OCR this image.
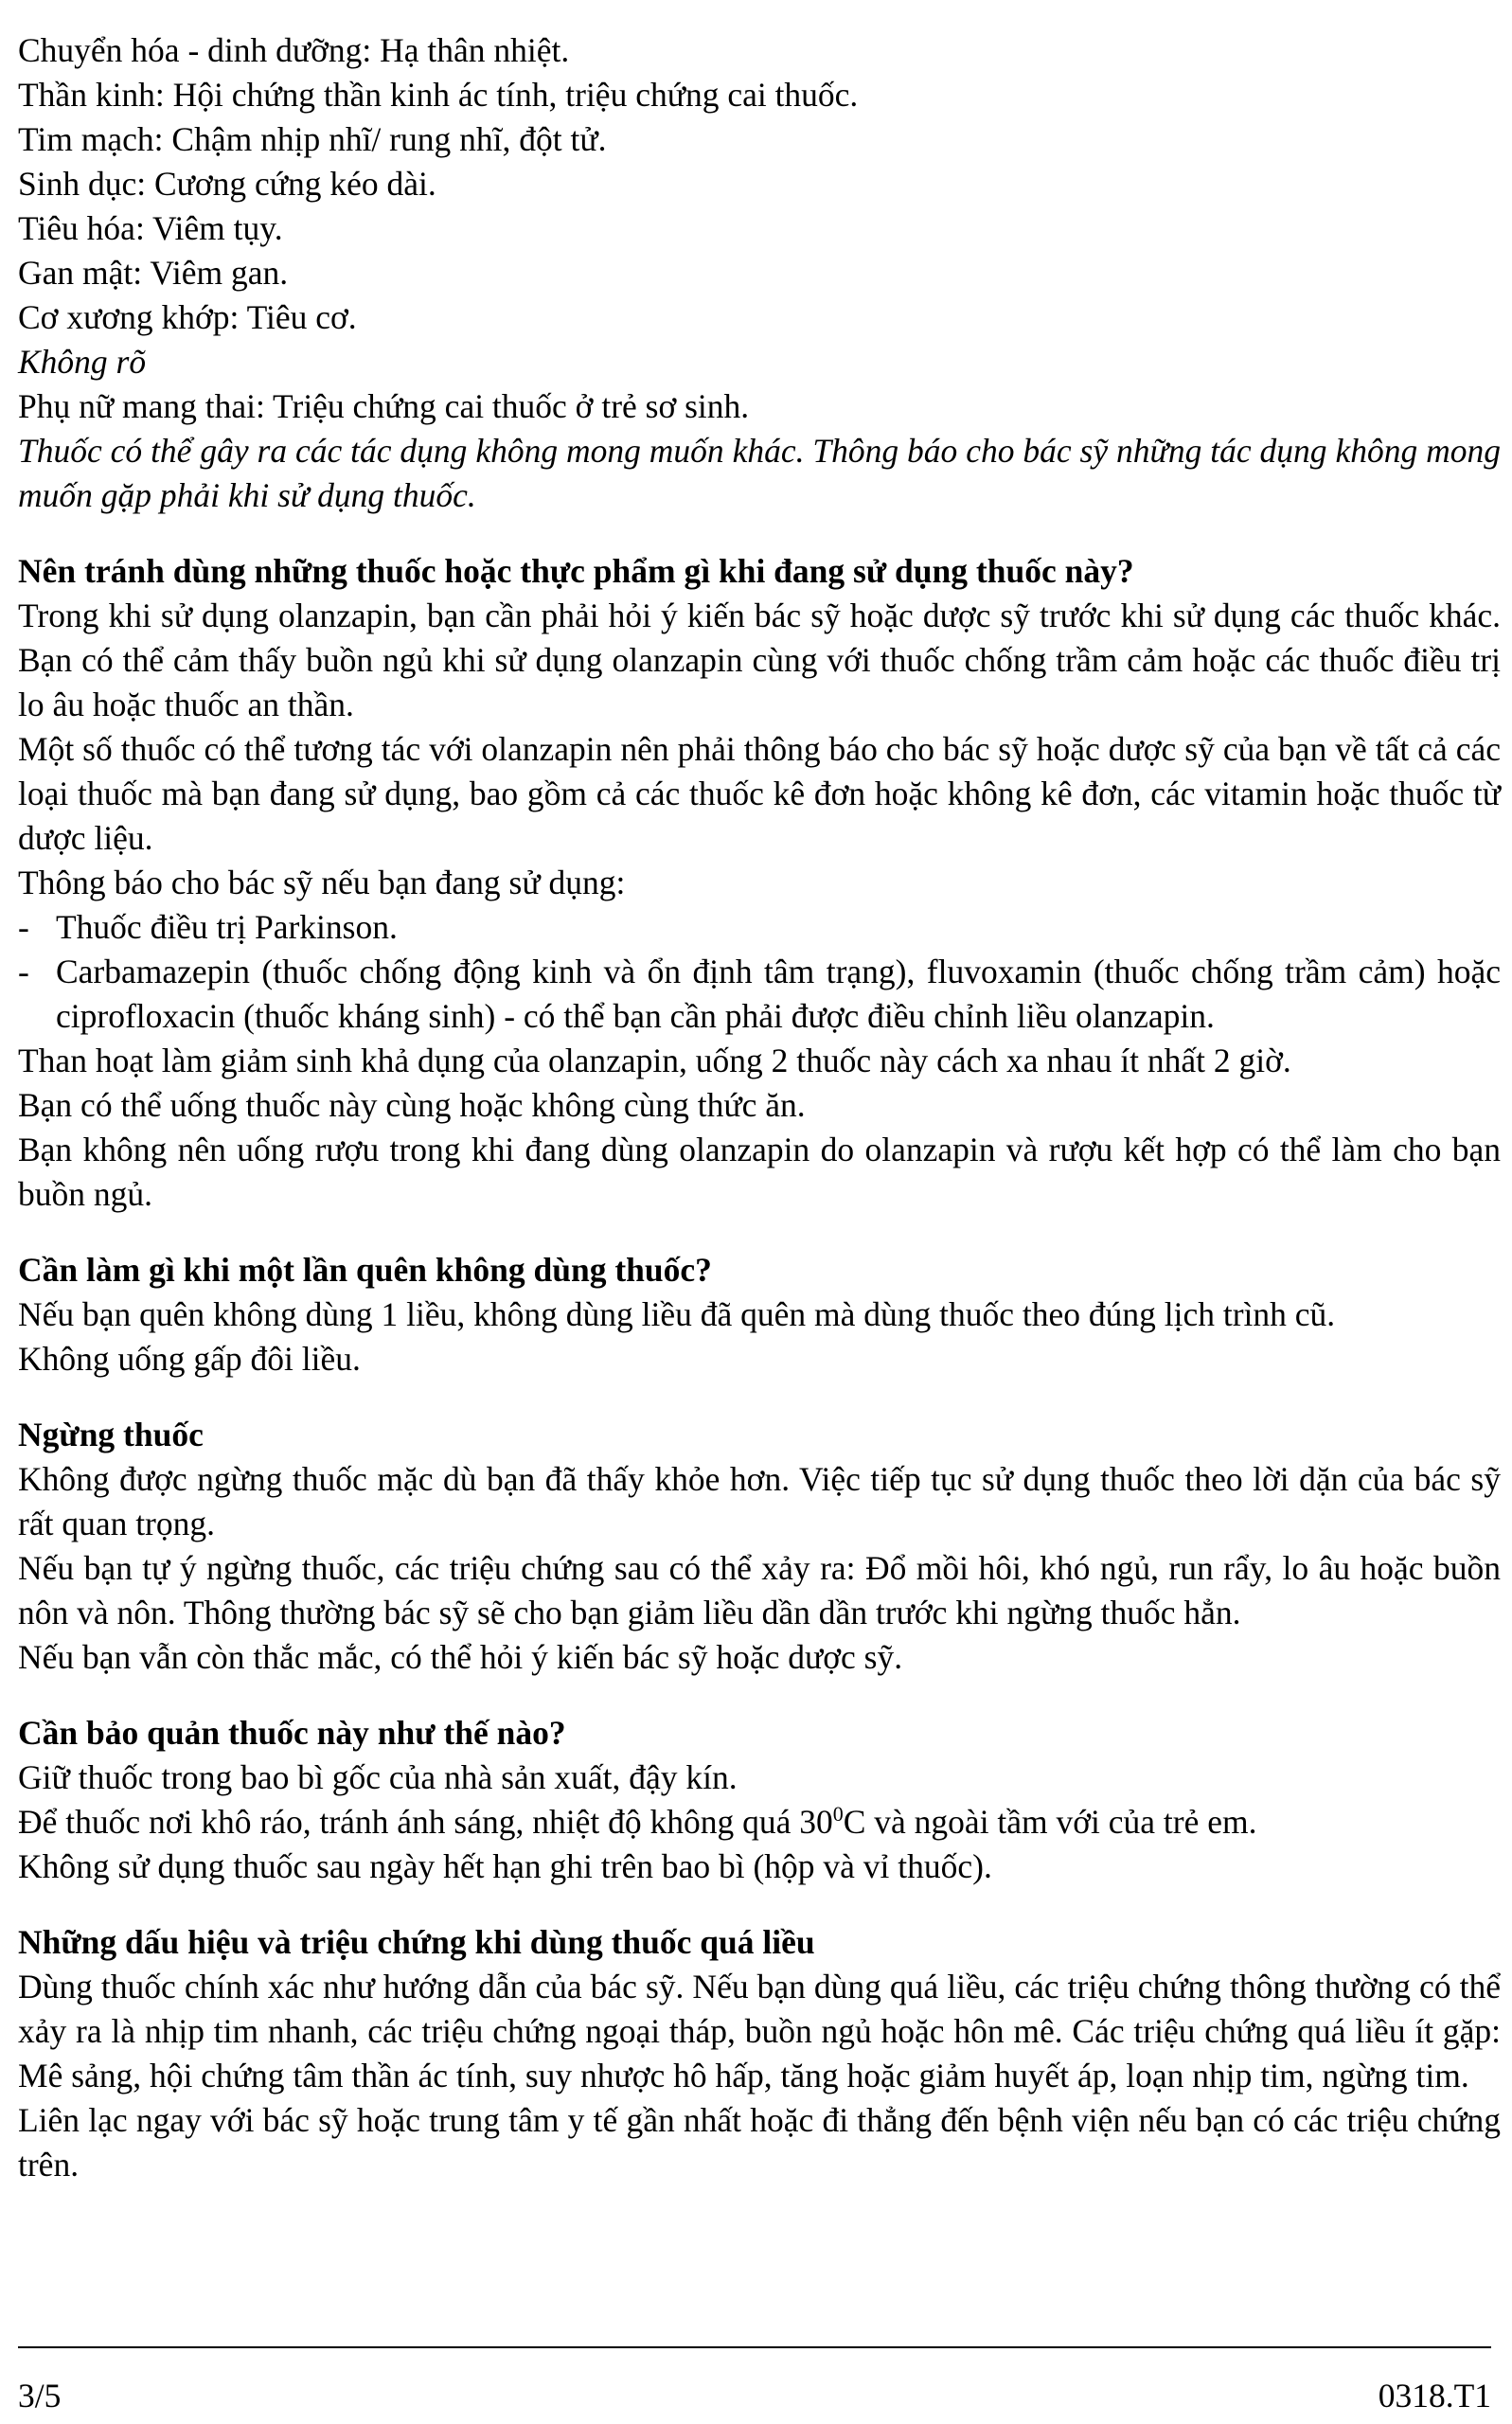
Chuyển hóa - dinh dưỡng: Hạ thân nhiệt.

Thần kinh: Hội chứng thần kinh ác tính, triệu chứng cai thuốc.

Tim mạch: Chậm nhịp nhĩ/ rung nhĩ, đột tử.

Sinh dục: Cương cứng kéo dài.

Tiêu hóa: Viêm tụy.

Gan mật: Viêm gan.

Cơ xương khớp: Tiêu cơ.

Không rõ

Phụ nữ mang thai: Triệu chứng cai thuốc ở trẻ sơ sinh.

Thuốc có thể gây ra các tác dụng không mong muốn khác. Thông báo cho bác sỹ những tác dụng không mong muốn gặp phải khi sử dụng thuốc.

Nên tránh dùng những thuốc hoặc thực phẩm gì khi đang sử dụng thuốc này?

Trong khi sử dụng olanzapin, bạn cần phải hỏi ý kiến bác sỹ hoặc dược sỹ trước khi sử dụng các thuốc khác. Bạn có thể cảm thấy buồn ngủ khi sử dụng olanzapin cùng với thuốc chống trầm cảm hoặc các thuốc điều trị lo âu hoặc thuốc an thần.

Một số thuốc có thể tương tác với olanzapin nên phải thông báo cho bác sỹ hoặc dược sỹ của bạn về tất cả các loại thuốc mà bạn đang sử dụng, bao gồm cả các thuốc kê đơn hoặc không kê đơn, các vitamin hoặc thuốc từ dược liệu.

Thông báo cho bác sỹ nếu bạn đang sử dụng:

- Thuốc điều trị Parkinson.
- Carbamazepin (thuốc chống động kinh và ổn định tâm trạng), fluvoxamin (thuốc chống trầm cảm) hoặc ciprofloxacin (thuốc kháng sinh) - có thể bạn cần phải được điều chỉnh liều olanzapin.

Than hoạt làm giảm sinh khả dụng của olanzapin, uống 2 thuốc này cách xa nhau ít nhất 2 giờ.

Bạn có thể uống thuốc này cùng hoặc không cùng thức ăn.

Bạn không nên uống rượu trong khi đang dùng olanzapin do olanzapin và rượu kết hợp có thể làm cho bạn buồn ngủ.

Cần làm gì khi một lần quên không dùng thuốc?

Nếu bạn quên không dùng 1 liều, không dùng liều đã quên mà dùng thuốc theo đúng lịch trình cũ.

Không uống gấp đôi liều.

Ngừng thuốc

Không được ngừng thuốc mặc dù bạn đã thấy khỏe hơn. Việc tiếp tục sử dụng thuốc theo lời dặn của bác sỹ rất quan trọng.

Nếu bạn tự ý ngừng thuốc, các triệu chứng sau có thể xảy ra: Đổ mồi hôi, khó ngủ, run rẩy, lo âu hoặc buồn nôn và nôn. Thông thường bác sỹ sẽ cho bạn giảm liều dần dần trước khi ngừng thuốc hẳn.

Nếu bạn vẫn còn thắc mắc, có thể hỏi ý kiến bác sỹ hoặc dược sỹ.

Cần bảo quản thuốc này như thế nào?

Giữ thuốc trong bao bì gốc của nhà sản xuất, đậy kín.

Để thuốc nơi khô ráo, tránh ánh sáng, nhiệt độ không quá $30^0C$ và ngoài tầm với của trẻ em.

Không sử dụng thuốc sau ngày hết hạn ghi trên bao bì (hộp và vỉ thuốc).

Những dấu hiệu và triệu chứng khi dùng thuốc quá liều

Dùng thuốc chính xác như hướng dẫn của bác sỹ. Nếu bạn dùng quá liều, các triệu chứng thông thường có thể xảy ra là nhịp tim nhanh, các triệu chứng ngoại tháp, buồn ngủ hoặc hôn mê. Các triệu chứng quá liều ít gặp: Mê sảng, hội chứng tâm thần ác tính, suy nhược hô hấp, tăng hoặc giảm huyết áp, loạn nhịp tim, ngừng tim.

Liên lạc ngay với bác sỹ hoặc trung tâm y tế gần nhất hoặc đi thẳng đến bệnh viện nếu bạn có các triệu chứng trên.

3/5	0318.T1
